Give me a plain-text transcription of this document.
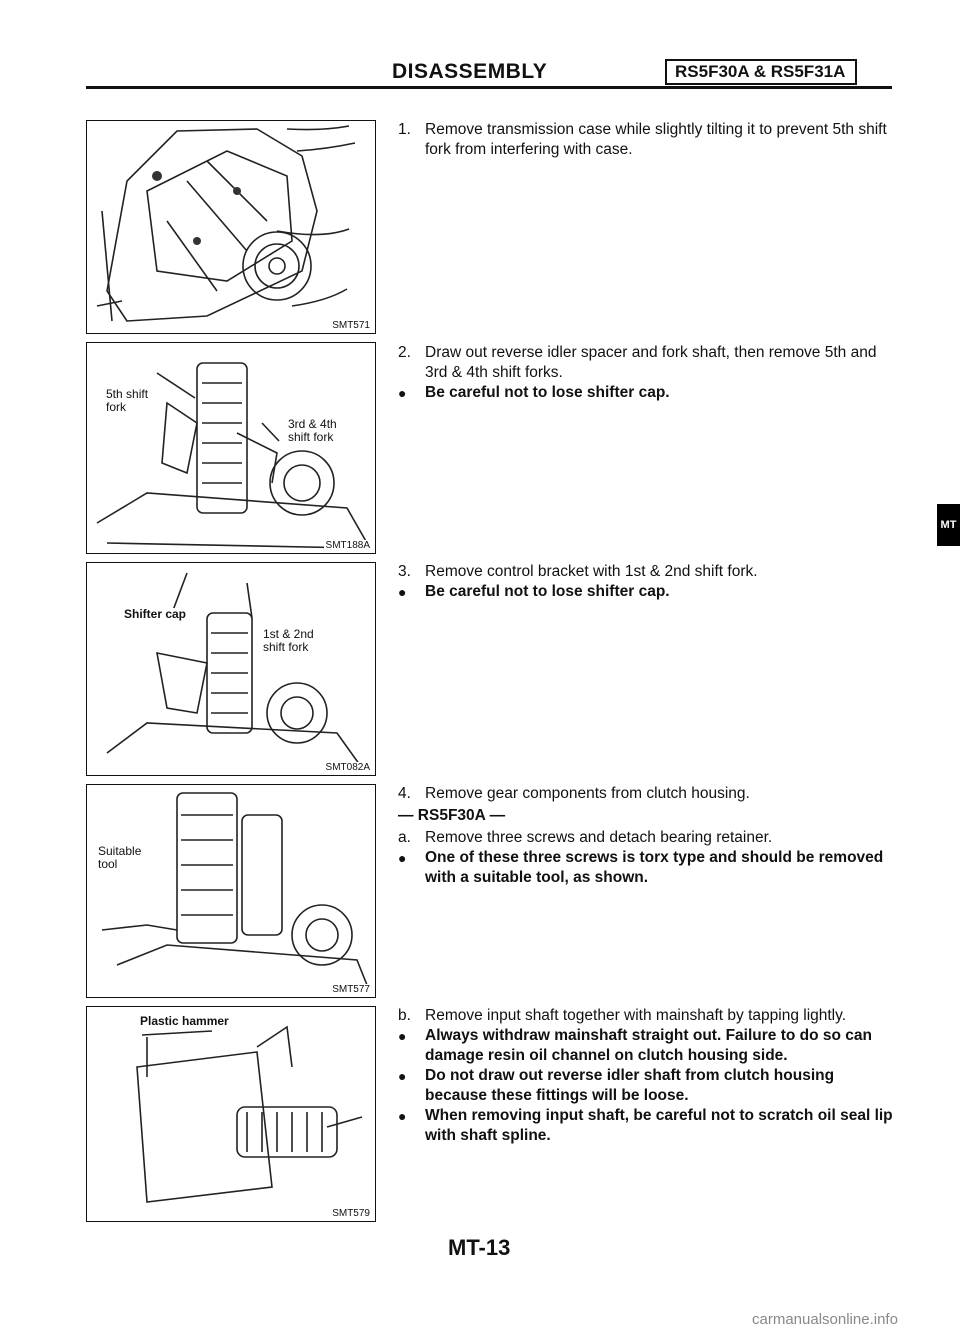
DISASSEMBLY	RS5F30A & RS5F31A
MT
SMT571
5th shift fork
3rd & 4th shift fork
SMT188A
Shifter cap
1st & 2nd shift fork
SMT082A
Suitable tool
SMT577
Plastic hammer
SMT579
1. Remove transmission case while slightly tilting it to prevent 5th shift fork from interfering with case.
2. Draw out reverse idler spacer and fork shaft, then remove 5th and 3rd & 4th shift forks.
●	Be careful not to lose shifter cap.
3. Remove control bracket with 1st & 2nd shift fork.
●	Be careful not to lose shifter cap.
4. Remove gear components from clutch housing.

— RS5F30A —

a. Remove three screws and detach bearing retainer.
●	One of these three screws is torx type and should be removed with a suitable tool, as shown.
b. Remove input shaft together with mainshaft by tapping lightly.
●	Always withdraw mainshaft straight out. Failure to do so can damage resin oil channel on clutch housing side.
●	Do not draw out reverse idler shaft from clutch housing because these fittings will be loose.
●	When removing input shaft, be careful not to scratch oil seal lip with shaft spline.
MT-13
carmanualsonline.info
